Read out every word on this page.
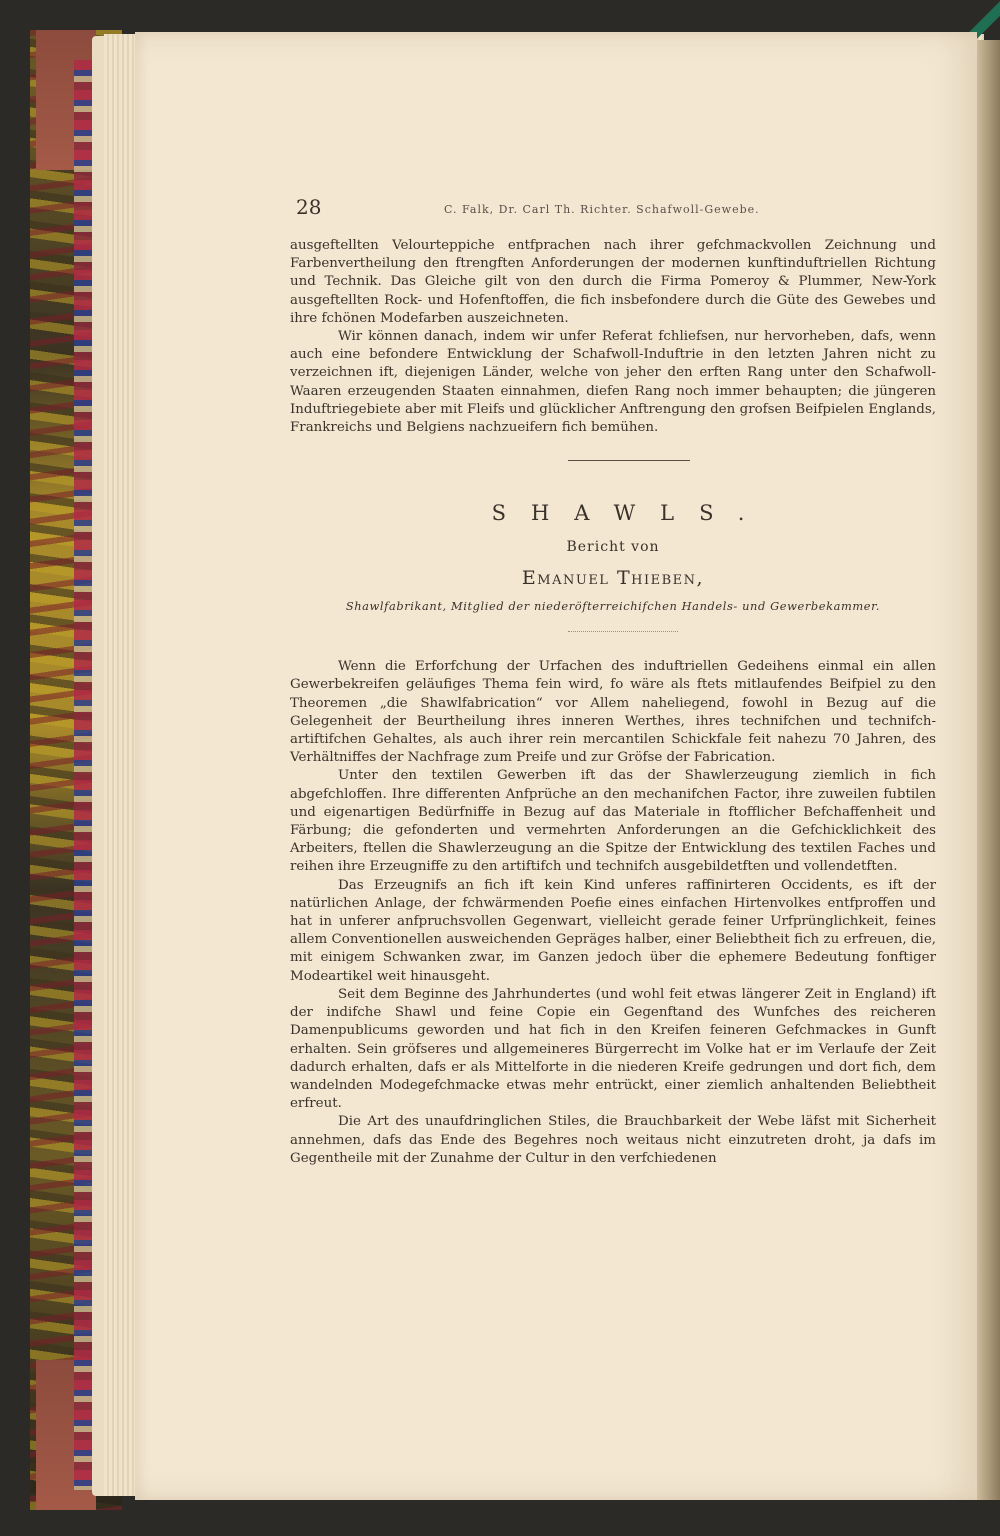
28	C. Falk, Dr. Carl Th. Richter. Schafwoll-Gewebe.

ausgeftellten Velourteppiche entfprachen nach ihrer gefchmackvollen Zeichnung und Farbenvertheilung den ftrengften Anforderungen der modernen kunftinduftriellen Richtung und Technik. Das Gleiche gilt von den durch die Firma Pomeroy & Plummer, New-York ausgeftellten Rock- und Hofenftoffen, die fich insbefondere durch die Güte des Gewebes und ihre fchönen Modefarben auszeichneten.

Wir können danach, indem wir unfer Referat fchliefsen, nur hervorheben, dafs, wenn auch eine befondere Entwicklung der Schafwoll-Induftrie in den letzten Jahren nicht zu verzeichnen ift, diejenigen Länder, welche von jeher den erften Rang unter den Schafwoll-Waaren erzeugenden Staaten einnahmen, diefen Rang noch immer behaupten; die jüngeren Induftriegebiete aber mit Fleifs und glücklicher Anftrengung den grofsen Beifpielen Englands, Frankreichs und Belgiens nachzueifern fich bemühen.

SHAWLS.
Bericht von
Emanuel Thieben,
Shawlfabrikant, Mitglied der niederöfterreichifchen Handels- und Gewerbekammer.

Wenn die Erforfchung der Urfachen des induftriellen Gedeihens einmal ein allen Gewerbekreifen geläufiges Thema fein wird, fo wäre als ftets mitlaufendes Beifpiel zu den Theoremen „die Shawlfabrication“ vor Allem naheliegend, fowohl in Bezug auf die Gelegenheit der Beurtheilung ihres inneren Werthes, ihres technifchen und technifch-artiftifchen Gehaltes, als auch ihrer rein mercantilen Schickfale feit nahezu 70 Jahren, des Verhältniffes der Nachfrage zum Preife und zur Gröfse der Fabrication.

Unter den textilen Gewerben ift das der Shawlerzeugung ziemlich in fich abgefchloffen. Ihre differenten Anfprüche an den mechanifchen Factor, ihre zuweilen fubtilen und eigenartigen Bedürfniffe in Bezug auf das Materiale in ftofflicher Befchaffenheit und Färbung; die gefonderten und vermehrten Anforderungen an die Gefchicklichkeit des Arbeiters, ftellen die Shawlerzeugung an die Spitze der Entwicklung des textilen Faches und reihen ihre Erzeugniffe zu den artiftifch und technifch ausgebildetften und vollendetften.

Das Erzeugnifs an fich ift kein Kind unferes raffinirteren Occidents, es ift der natürlichen Anlage, der fchwärmenden Poefie eines einfachen Hirtenvolkes entfproffen und hat in unferer anfpruchsvollen Gegenwart, vielleicht gerade feiner Urfprünglichkeit, feines allem Conventionellen ausweichenden Gepräges halber, einer Beliebtheit fich zu erfreuen, die, mit einigem Schwanken zwar, im Ganzen jedoch über die ephemere Bedeutung fonftiger Modeartikel weit hinausgeht.

Seit dem Beginne des Jahrhundertes (und wohl feit etwas längerer Zeit in England) ift der indifche Shawl und feine Copie ein Gegenftand des Wunfches des reicheren Damenpublicums geworden und hat fich in den Kreifen feineren Gefchmackes in Gunft erhalten. Sein gröfseres und allgemeineres Bürgerrecht im Volke hat er im Verlaufe der Zeit dadurch erhalten, dafs er als Mittelforte in die niederen Kreife gedrungen und dort fich, dem wandelnden Modegefchmacke etwas mehr entrückt, einer ziemlich anhaltenden Beliebtheit erfreut.

Die Art des unaufdringlichen Stiles, die Brauchbarkeit der Webe läfst mit Sicherheit annehmen, dafs das Ende des Begehres noch weitaus nicht einzutreten droht, ja dafs im Gegentheile mit der Zunahme der Cultur in den verfchiedenen
